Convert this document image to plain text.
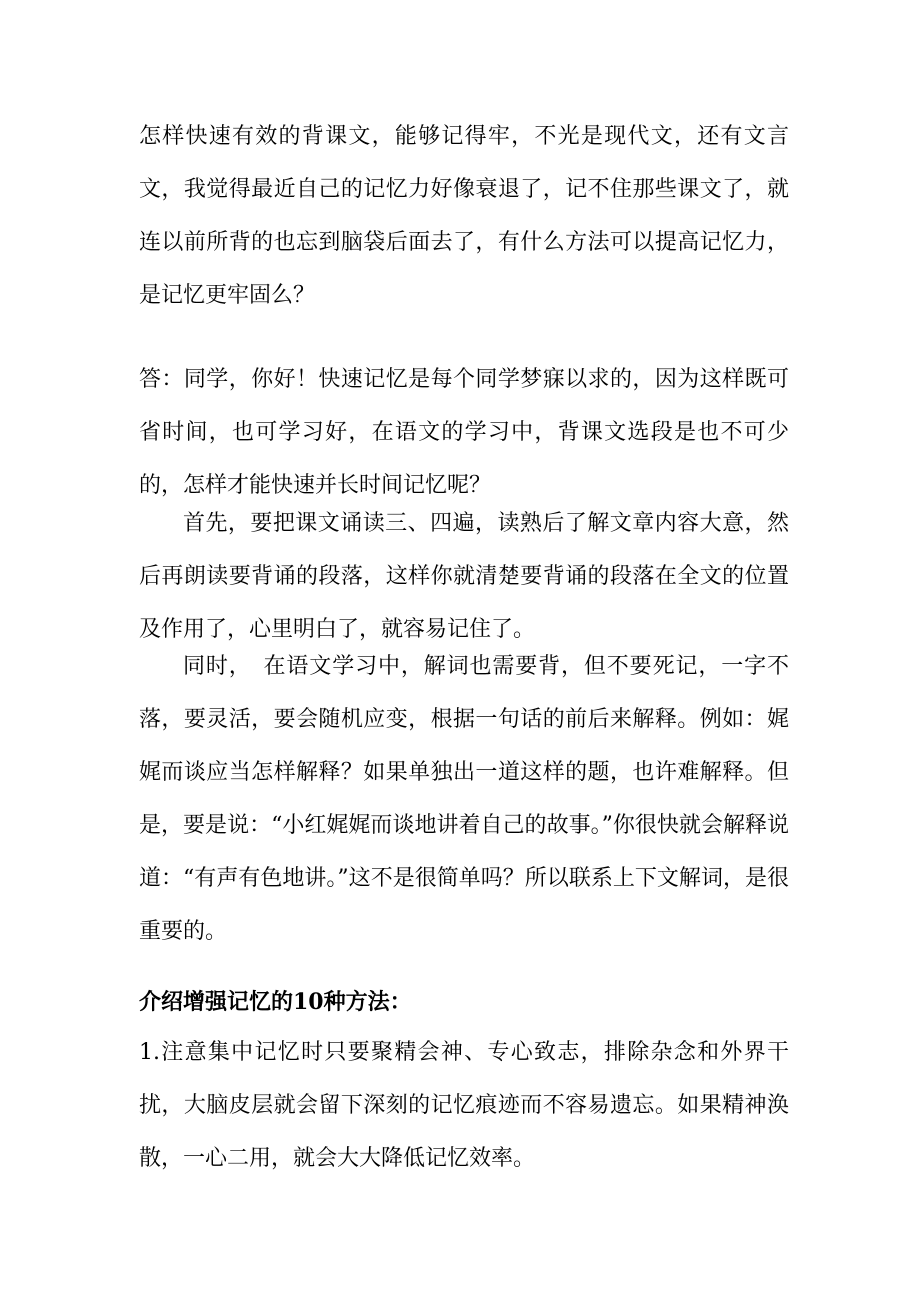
怎样快速有效的背课文，能够记得牢，不光是现代文，还有文言文，我觉得最近自己的记忆力好像衰退了，记不住那些课文了，就连以前所背的也忘到脑袋后面去了，有什么方法可以提高记忆力，是记忆更牢固么？

答：同学，你好！快速记忆是每个同学梦寐以求的，因为这样既可省时间，也可学习好，在语文的学习中，背课文选段是也不可少的，怎样才能快速并长时间记忆呢？

首先，要把课文诵读三、四遍，读熟后了解文章内容大意，然后再朗读要背诵的段落，这样你就清楚要背诵的段落在全文的位置及作用了，心里明白了，就容易记住了。

同时，　在语文学习中，解词也需要背，但不要死记，一字不落，要灵活，要会随机应变，根据一句话的前后来解释。例如：娓娓而谈应当怎样解释？如果单独出一道这样的题，也许难解释。但是，要是说：“小红娓娓而谈地讲着自己的故事。”你很快就会解释说道：“有声有色地讲。”这不是很简单吗？所以联系上下文解词，是很重要的。

介绍增强记忆的10种方法：

1.注意集中记忆时只要聚精会神、专心致志，排除杂念和外界干扰，大脑皮层就会留下深刻的记忆痕迹而不容易遗忘。如果精神涣散，一心二用，就会大大降低记忆效率。
